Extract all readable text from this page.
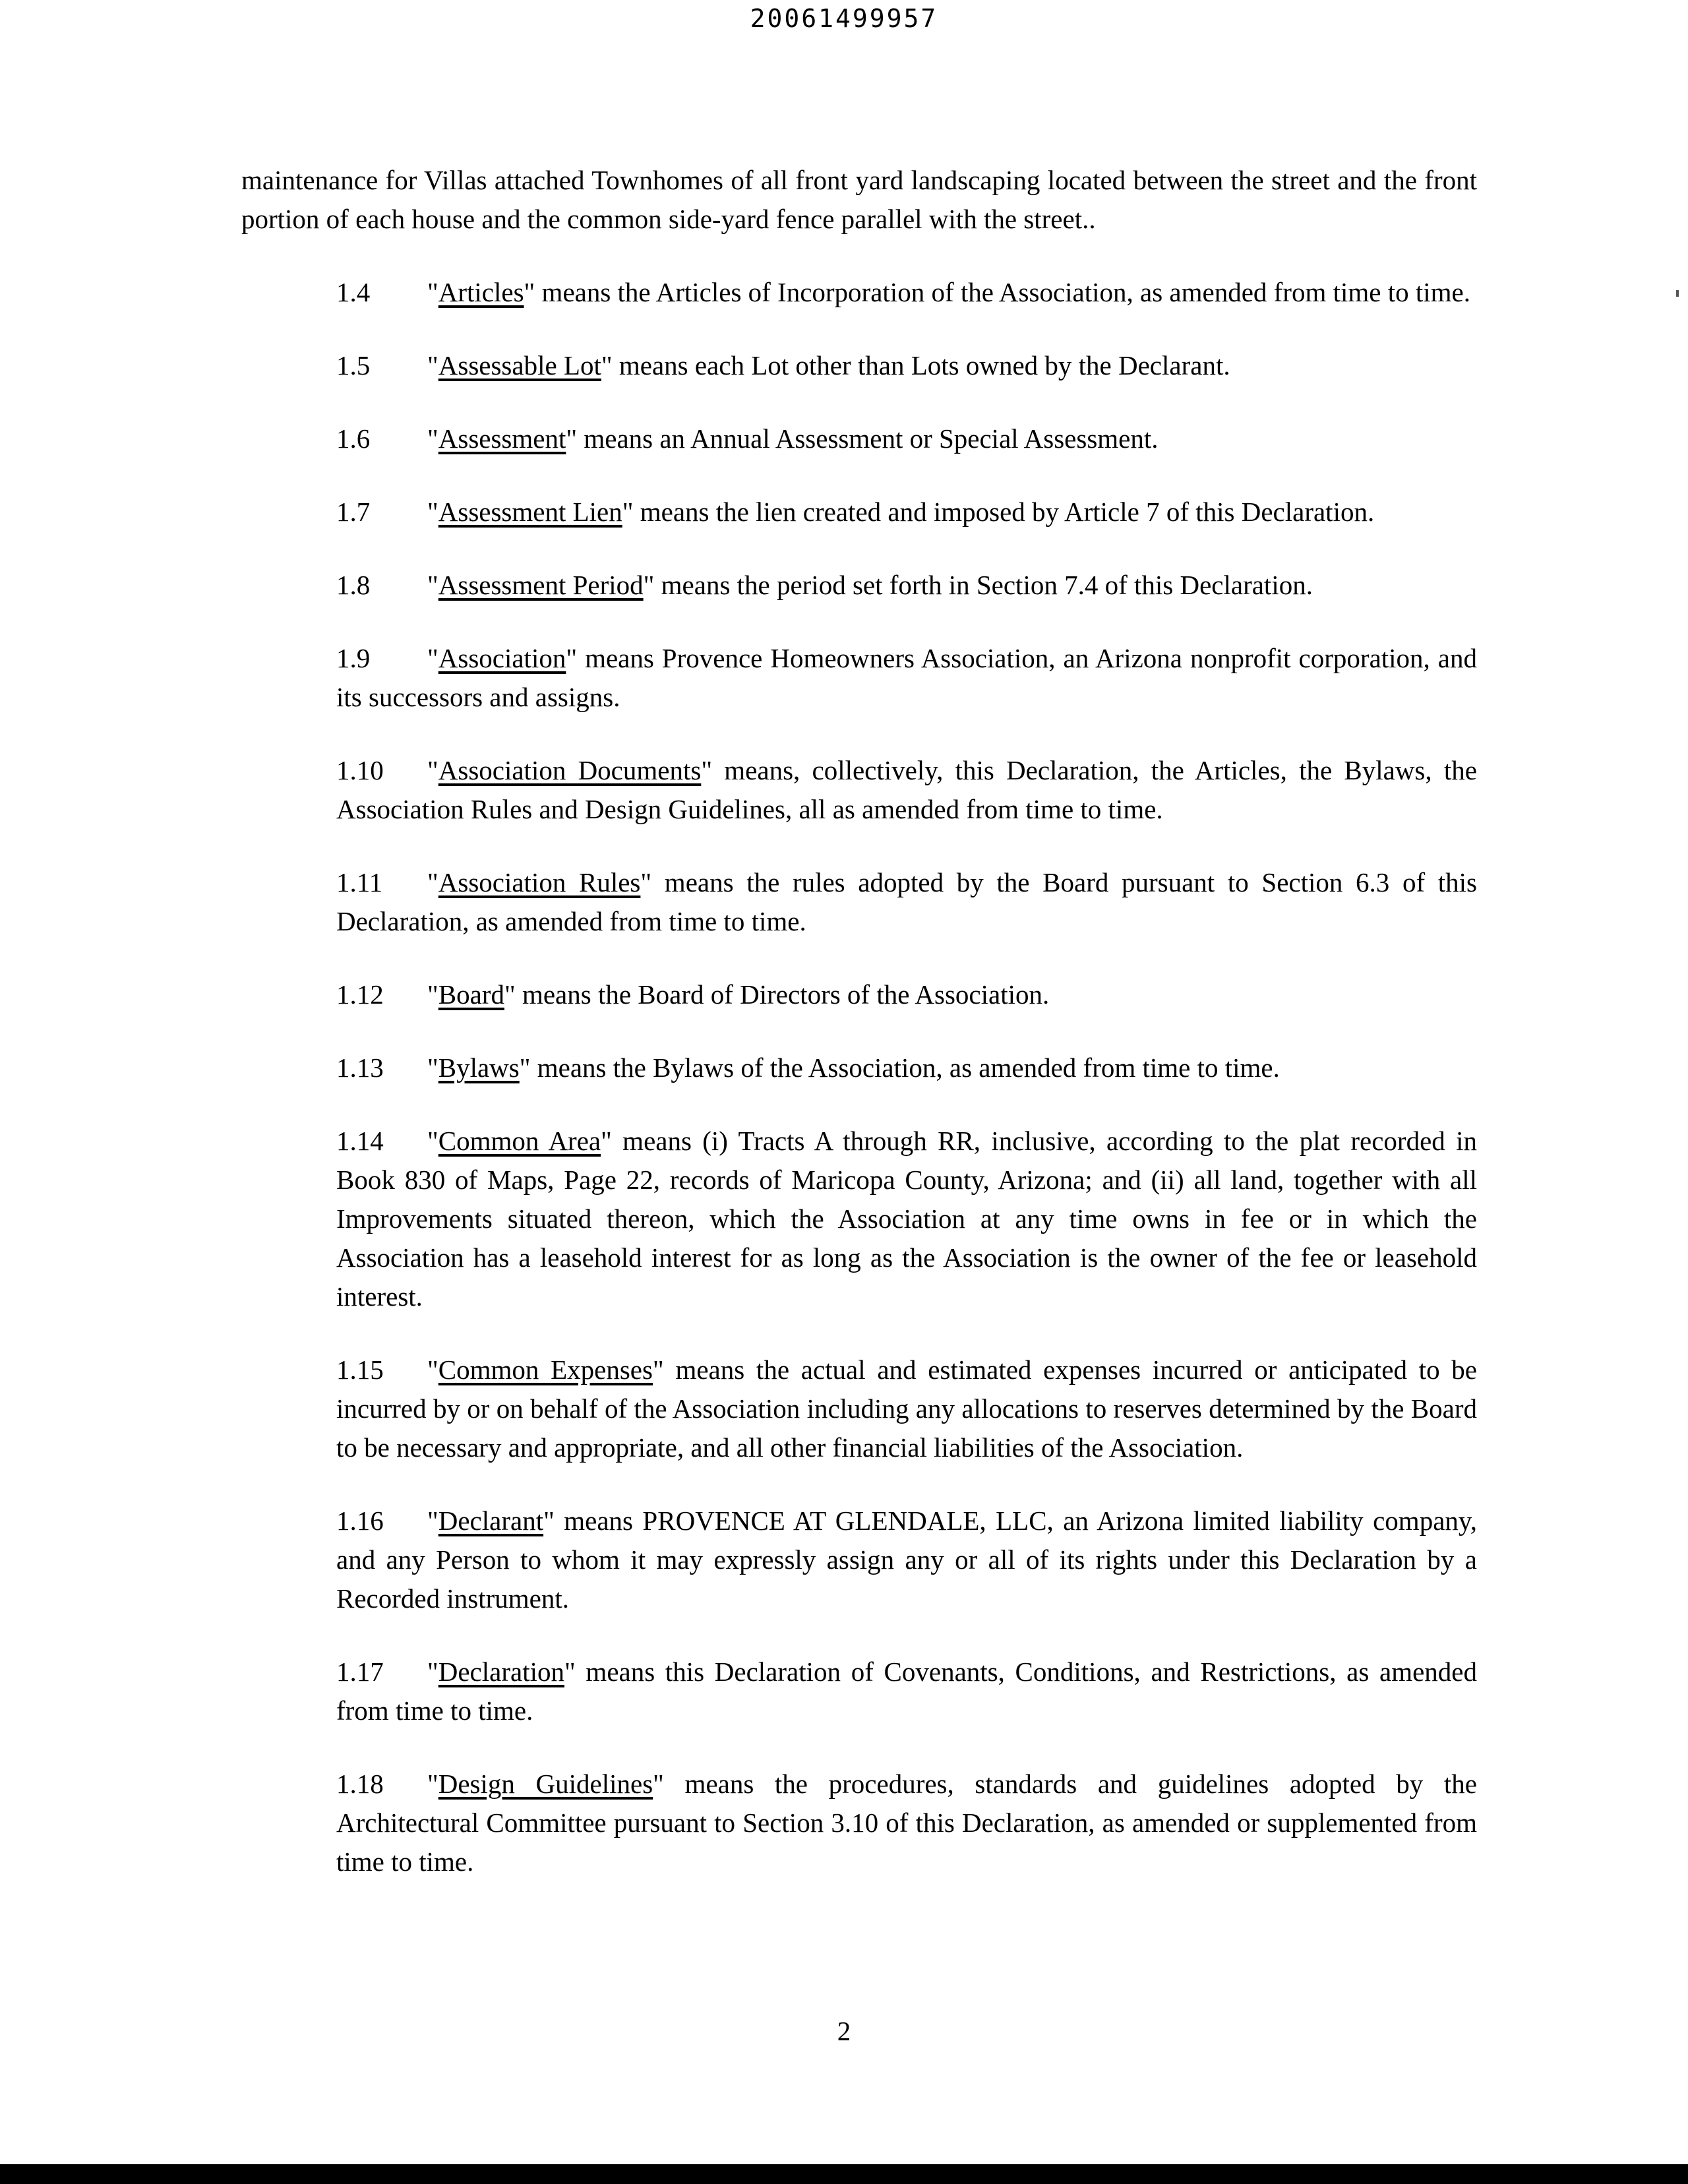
20061499957

maintenance for Villas attached Townhomes of all front yard landscaping located between the street and the front portion of each house and the common side-yard fence parallel with the street..

1.4 "Articles" means the Articles of Incorporation of the Association, as amended from time to time.

1.5 "Assessable Lot" means each Lot other than Lots owned by the Declarant.

1.6 "Assessment" means an Annual Assessment or Special Assessment.

1.7 "Assessment Lien" means the lien created and imposed by Article 7 of this Declaration.

1.8 "Assessment Period" means the period set forth in Section 7.4 of this Declaration.

1.9 "Association" means Provence Homeowners Association, an Arizona nonprofit corporation, and its successors and assigns.

1.10 "Association Documents" means, collectively, this Declaration, the Articles, the Bylaws, the Association Rules and Design Guidelines, all as amended from time to time.

1.11 "Association Rules" means the rules adopted by the Board pursuant to Section 6.3 of this Declaration, as amended from time to time.

1.12 "Board" means the Board of Directors of the Association.

1.13 "Bylaws" means the Bylaws of the Association, as amended from time to time.

1.14 "Common Area" means (i) Tracts A through RR, inclusive, according to the plat recorded in Book 830 of Maps, Page 22, records of Maricopa County, Arizona; and (ii) all land, together with all Improvements situated thereon, which the Association at any time owns in fee or in which the Association has a leasehold interest for as long as the Association is the owner of the fee or leasehold interest.

1.15 "Common Expenses" means the actual and estimated expenses incurred or anticipated to be incurred by or on behalf of the Association including any allocations to reserves determined by the Board to be necessary and appropriate, and all other financial liabilities of the Association.

1.16 "Declarant" means PROVENCE AT GLENDALE, LLC, an Arizona limited liability company, and any Person to whom it may expressly assign any or all of its rights under this Declaration by a Recorded instrument.

1.17 "Declaration" means this Declaration of Covenants, Conditions, and Restrictions, as amended from time to time.

1.18 "Design Guidelines" means the procedures, standards and guidelines adopted by the Architectural Committee pursuant to Section 3.10 of this Declaration, as amended or supplemented from time to time.

2
